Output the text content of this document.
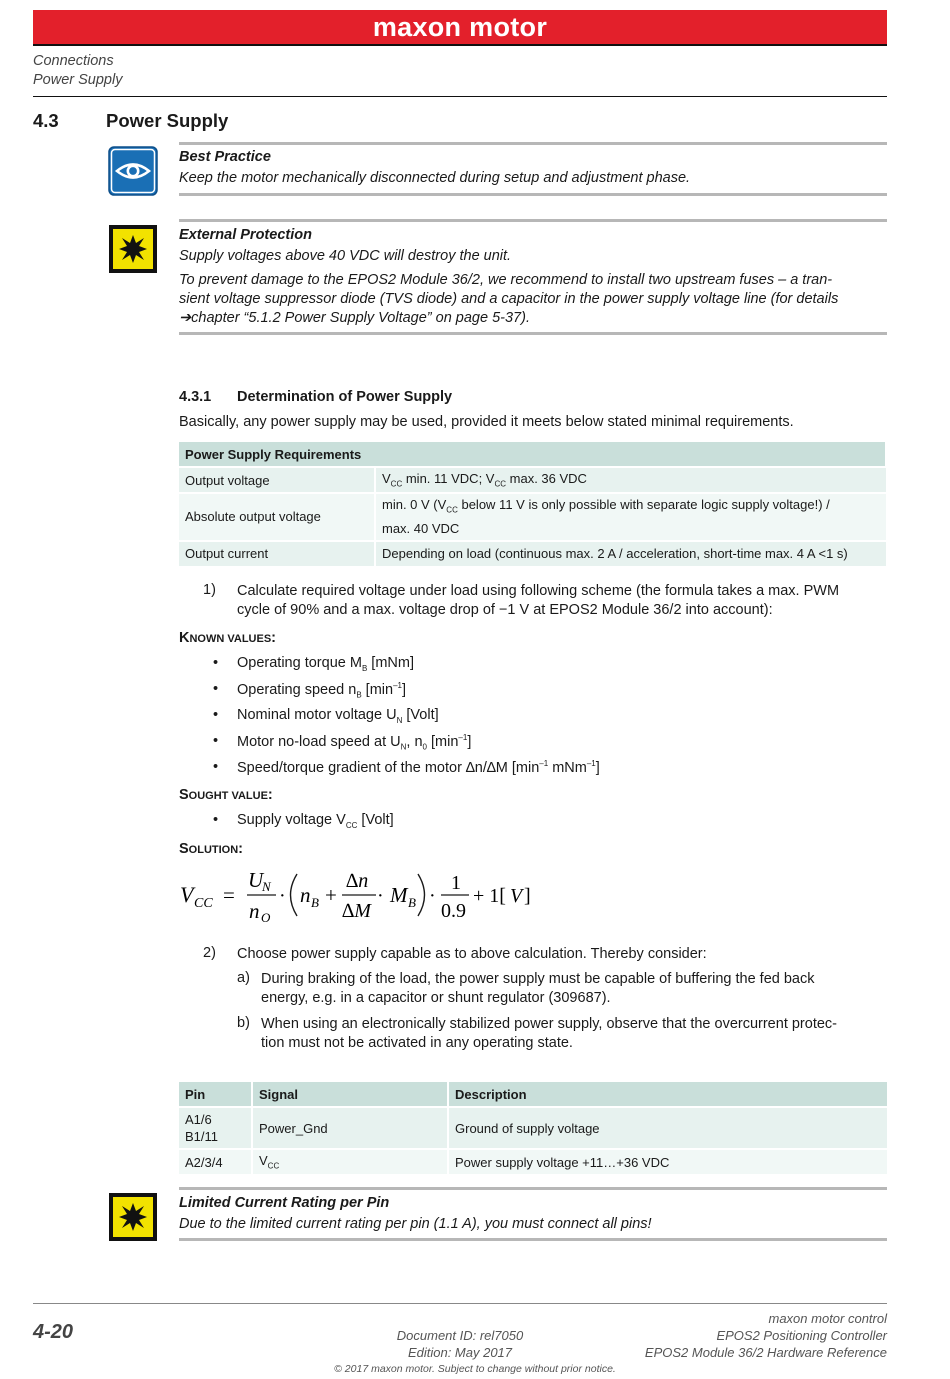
maxon motor
Connections
Power Supply
4.3	Power Supply
Best Practice
Keep the motor mechanically disconnected during setup and adjustment phase.
External Protection
Supply voltages above 40 VDC will destroy the unit.
To prevent damage to the EPOS2 Module 36/2, we recommend to install two upstream fuses – a tran-
sient voltage suppressor diode (TVS diode) and a capacitor in the power supply voltage line (for details
➔chapter “5.1.2 Power Supply Voltage” on page 5-37).
4.3.1 Determination of Power Supply
Basically, any power supply may be used, provided it meets below stated minimal requirements.
Power Supply Requirements	
Output voltage	$V_{CC}$ min. 11 VDC; $V_{CC}$ max. 36 VDC
Absolute output voltage	min. 0 V ($V_{CC}$ below 11 V is only possible with separate logic supply voltage!) /
max. 40 VDC

Output current	Depending on load (continuous max. 2 A / acceleration, short-time max. 4 A <1 s)
1) Calculate required voltage under load using following scheme (the formula takes a max. PWM
cycle of 90% and a max. voltage drop of −1 V at EPOS2 Module 36/2 into account):
KNOWN VALUES:
• Operating torque $M_B$ [mNm]
• Operating speed $n_B$ $[\min^{-1}]$
• Nominal motor voltage $U_N$ [Volt]
• Motor no-load speed at $U_N$, $n_0$ $[\min^{-1}]$
• Speed/torque gradient of the motor ∆n/∆M [$\min^{-1}$ mNm$^{-1}$]
SOUGHT VALUE:
• Supply voltage $V_{CC}$ [Volt]
SOLUTION:
V CC =
U
N
n O
· n B +
∆n
∆M
· M B ·
1
0.9
+ 1[ V ]
2) Choose power supply capable as to above calculation. Thereby consider:
a) During braking of the load, the power supply must be capable of buffering the fed back
energy, e.g. in a capacitor or shunt regulator (309687).
b) When using an electronically stabilized power supply, observe that the overcurrent protec-
tion must not be activated in any operating state.
Pin	Signal	Description

A1/6
B1/11	Power_Gnd	Ground of supply voltage
A2/3/4	$V_{CC}$	Power supply voltage +11…+36 VDC
Limited Current Rating per Pin
Due to the limited current rating per pin (1.1 A), you must connect all pins!
4-20	Document ID: rel7050
Edition: May 2017
maxon motor control
EPOS2 Positioning Controller
EPOS2 Module 36/2 Hardware Reference
© 2017 maxon motor. Subject to change without prior notice.
